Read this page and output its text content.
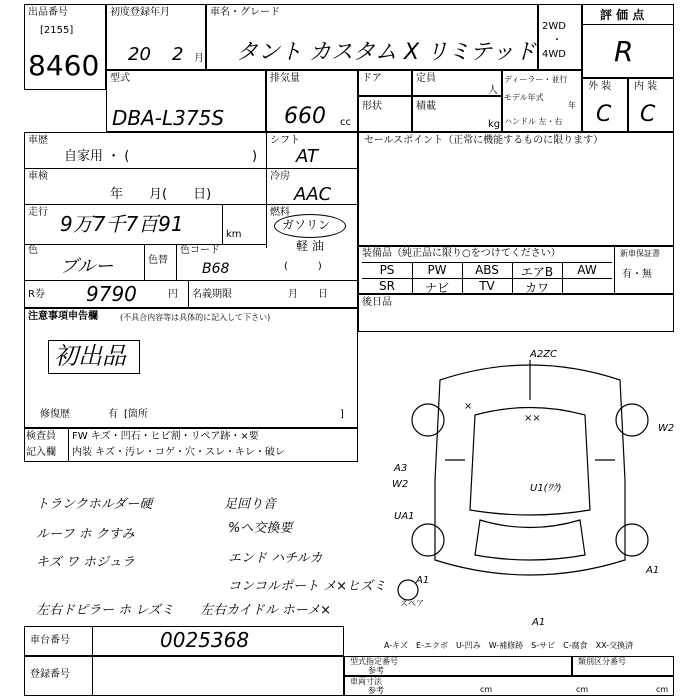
出品番号
[2155]
8460
初度登録年月
20 2 月
車名・グレード
タント カスタム X リミテッド
2WD
・
4WD
評 価 点
R
型式
DBA-L375S
排気量
660 cc
ドア	定員
人
形状	積載
kg
ディーラー・並行
モデル年式
年
ハンドル 左・右
外 装
C
内 装
C
車歴
自家用 ・ (	)
シフト
AT
車検
年　　月(　　日)
冷房
AAC
走行 9万7千7百91	km
燃料
ガソリン
軽 油
(　　　)
色
ブルー	色替
色コード
B68
R券 9790	円 名義期限	月　　日
注意事項申告欄	(不具合内容等は具体的に記入して下さい)
初出品
修復歴	有 [箇所	]
検査員
記入欄
FW キズ・凹石・ヒビ割・リペア跡・×要
内装 キズ・汚レ・コゲ・穴・スレ・キレ・破レ
トランクホルダー硬
ルーフ ホ クすみ
キズ ワ ホジュラ
左右ドピラー ホ レズミ
足回り音
%へ交換要
エンド ハチルカ
コンコルポート メ×ヒズミ
左右カイドル ホーメ×
セールスポイント（正常に機能するものに限ります）
装備品（純正品に限り○をつけてください）	新車保証書
有・無
PS	PW	ABS	エアB	AW
SR	ナビ	TV	カワ
後日品
A2ZC
×
××
W2
A3
W2	U1(ﾜｸ)
UA1
A1
A1
A1
スペア
A-キズ　E-エクボ　U-凹み　W-補修跡　S-サビ　C-腐食　XX-交換済
車台番号	0025368
登録番号
型式指定番号
参考
類別区分番号
車両寸法
参考	cm	cm	cm
